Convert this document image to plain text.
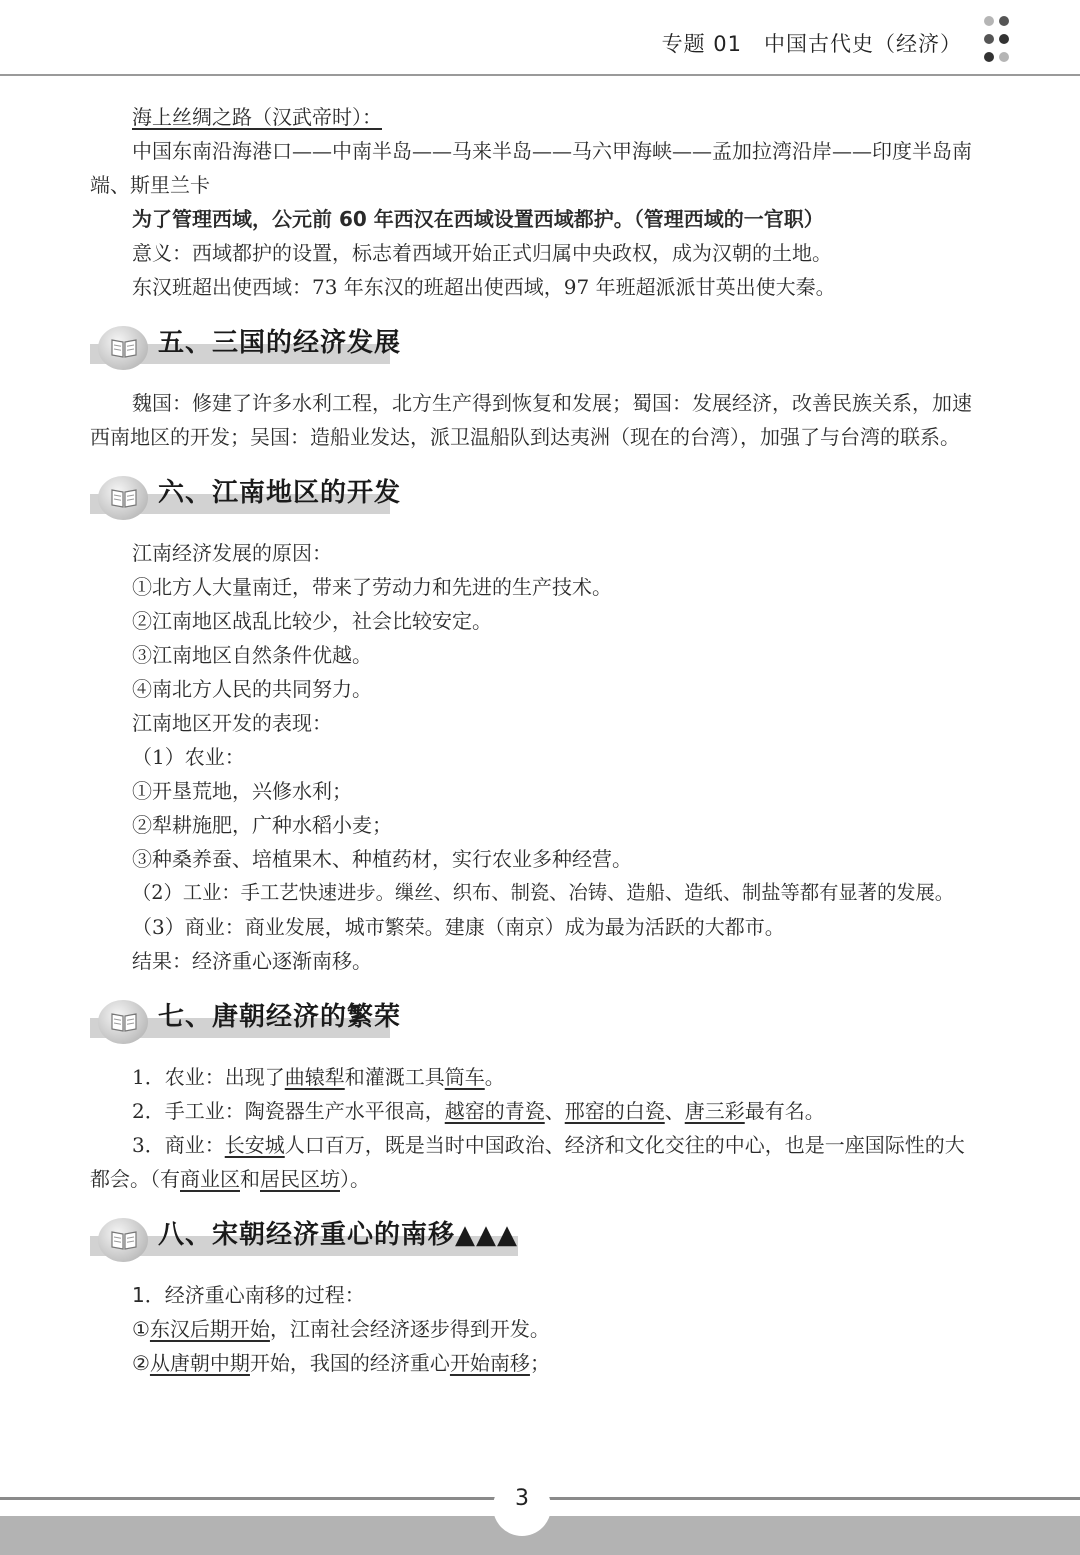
专题 01　中国古代史（经济）

海上丝绸之路（汉武帝时）：

中国东南沿海港口——中南半岛——马来半岛——马六甲海峡——孟加拉湾沿岸——印度半岛南端、斯里兰卡

为了管理西域，公元前 60 年西汉在西域设置西域都护。（管理西域的一官职）

意义：西域都护的设置，标志着西域开始正式归属中央政权，成为汉朝的土地。

东汉班超出使西域：73 年东汉的班超出使西域，97 年班超派派甘英出使大秦。

五、三国的经济发展

魏国：修建了许多水利工程，北方生产得到恢复和发展；蜀国：发展经济，改善民族关系，加速西南地区的开发；吴国：造船业发达，派卫温船队到达夷洲（现在的台湾），加强了与台湾的联系。

六、江南地区的开发

江南经济发展的原因：

①北方人大量南迁，带来了劳动力和先进的生产技术。

②江南地区战乱比较少，社会比较安定。

③江南地区自然条件优越。

④南北方人民的共同努力。

江南地区开发的表现：

（1）农业：

①开垦荒地，兴修水利；

②犁耕施肥，广种水稻小麦；

③种桑养蚕、培植果木、种植药材，实行农业多种经营。

（2）工业：手工艺快速进步。缫丝、织布、制瓷、冶铸、造船、造纸、制盐等都有显著的发展。

（3）商业：商业发展，城市繁荣。建康（南京）成为最为活跃的大都市。

结果：经济重心逐渐南移。

七、唐朝经济的繁荣

1．农业：出现了曲辕犁和灌溉工具筒车。

2．手工业：陶瓷器生产水平很高，越窑的青瓷、邢窑的白瓷、唐三彩最有名。

3．商业：长安城人口百万，既是当时中国政治、经济和文化交往的中心，也是一座国际性的大都会。（有商业区和居民区坊）。

八、宋朝经济重心的南移▲▲▲

1．经济重心南移的过程：

①东汉后期开始，江南社会经济逐步得到开发。

②从唐朝中期开始，我国的经济重心开始南移；

3
